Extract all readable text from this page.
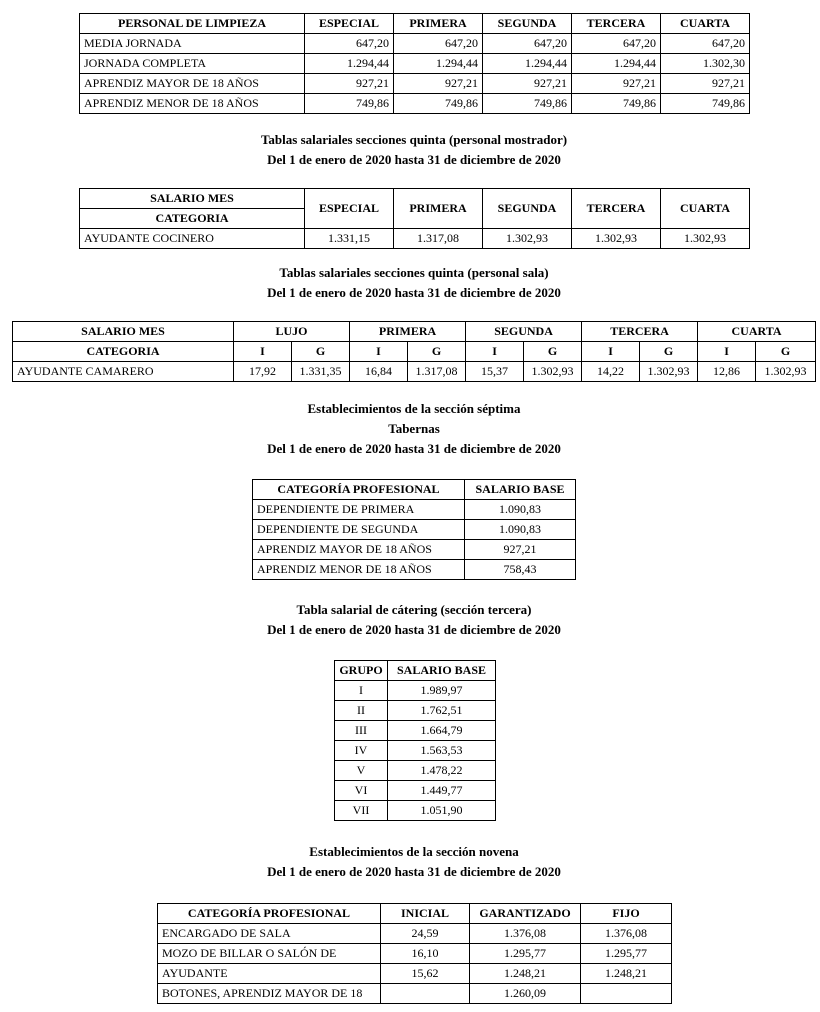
PERSONAL DE LIMPIEZA	ESPECIAL	PRIMERA	SEGUNDA	TERCERA	CUARTA
MEDIA JORNADA	647,20	647,20	647,20	647,20	647,20
JORNADA COMPLETA	1.294,44	1.294,44	1.294,44	1.294,44	1.302,30
APRENDIZ MAYOR DE 18 AÑOS	927,21	927,21	927,21	927,21	927,21
APRENDIZ MENOR DE 18 AÑOS	749,86	749,86	749,86	749,86	749,86
Tablas salariales secciones quinta (personal mostrador)
Del 1 de enero de 2020 hasta 31 de diciembre de 2020
SALARIO MES	ESPECIAL	PRIMERA	SEGUNDA	TERCERA	CUARTA
CATEGORIA					
AYUDANTE COCINERO	1.331,15	1.317,08	1.302,93	1.302,93	1.302,93
Tablas salariales secciones quinta (personal sala)
Del 1 de enero de 2020 hasta 31 de diciembre de 2020
SALARIO MES	LUJO		PRIMERA		SEGUNDA		TERCERA		CUARTA	
CATEGORIA	I	G	I	G	I	G	I	G	I	G
AYUDANTE CAMARERO	17,92	1.331,35	16,84	1.317,08	15,37	1.302,93	14,22	1.302,93	12,86	1.302,93
Establecimientos de la sección séptima
Tabernas
Del 1 de enero de 2020 hasta 31 de diciembre de 2020
CATEGORÍA PROFESIONAL	SALARIO BASE
DEPENDIENTE DE PRIMERA	1.090,83
DEPENDIENTE DE SEGUNDA	1.090,83
APRENDIZ MAYOR DE 18 AÑOS	927,21
APRENDIZ MENOR DE 18 AÑOS	758,43
Tabla salarial de cátering (sección tercera)
Del 1 de enero de 2020 hasta 31 de diciembre de 2020
GRUPO	SALARIO BASE
I	1.989,97
II	1.762,51
III	1.664,79
IV	1.563,53
V	1.478,22
VI	1.449,77
VII	1.051,90
Establecimientos de la sección novena
Del 1 de enero de 2020 hasta 31 de diciembre de 2020
CATEGORÍA PROFESIONAL	INICIAL	GARANTIZADO	FIJO
ENCARGADO DE SALA	24,59	1.376,08	1.376,08
MOZO DE BILLAR O SALÓN DE	16,10	1.295,77	1.295,77
AYUDANTE	15,62	1.248,21	1.248,21
BOTONES, APRENDIZ MAYOR DE 18		1.260,09	
